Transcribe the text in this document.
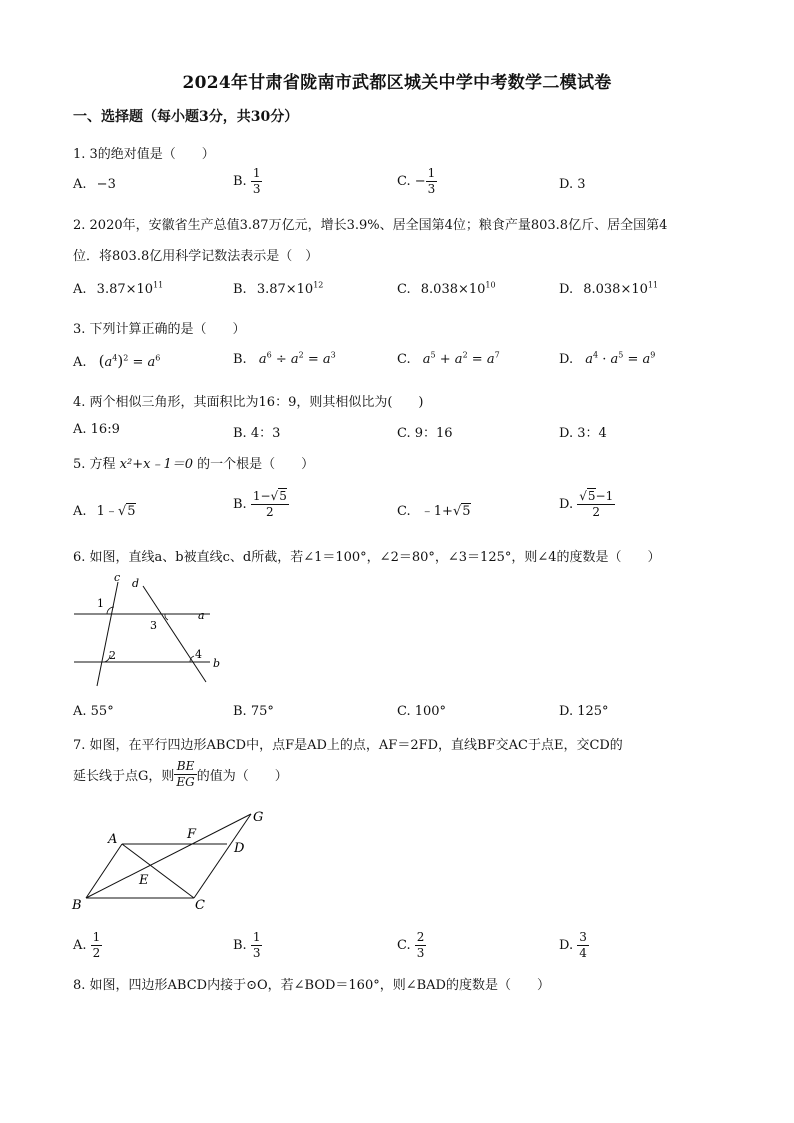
2024年甘肃省陇南市武都区城关中学中考数学二模试卷
一、选择题（每小题3分，共30分）
1. 3的绝对值是（　　）
A. −3	B. $\frac{1}{3}$	C. − $\frac{1}{3}$	D. 3
2. 2020年，安徽省生产总值3.87万亿元，增长3.9%、居全国第4位；粮食产量803.8亿斤、居全国第4
位．将803.8亿用科学记数法表示是（　）
A. $3.87\times 10^{11}$	B. $3.87\times 10^{12}$	C. $8.038\times 10^{10}$	D. $8.038\times 10^{11}$
3. 下列计算正确的是（　　）
A. $(a^4)^2 = a^6$	B. $a^6 \div a^2 = a^3$	C. $a^5 + a^2 = a^7$	D. $a^4 \cdot a^5 = a^9$
4. 两个相似三角形，其面积比为16：9，则其相似比为(　　)
A. 16:9	B. 4：3	C. 9：16	D. 3：4
5. 方程 x²+x﹣1＝0 的一个根是（　　）
A. 1﹣√5	B. $\frac{1-√5}{2}$	C. ﹣1+√5	D. $\frac{√5-1}{2}$
6. 如图，直线a、b被直线c、d所截，若∠1＝100°，∠2＝80°，∠3＝125°，则∠4的度数是（　　）
c d
a
b
1
2
3
4
A. 55°	B. 75°	C. 100°	D. 125°
7. 如图，在平行四边形ABCD中，点F是AD上的点，AF＝2FD，直线BF交AC于点E，交CD的
延长线于点G，则 $\frac{BE}{EG}$ 的值为（　　）
A
B	C
D
E
F
G
A. $\frac{1}{2}$	B. $\frac{1}{3}$	C. $\frac{2}{3}$	D. $\frac{3}{4}$
8. 如图，四边形ABCD内接于⊙O，若∠BOD＝160°，则∠BAD的度数是（　　）
